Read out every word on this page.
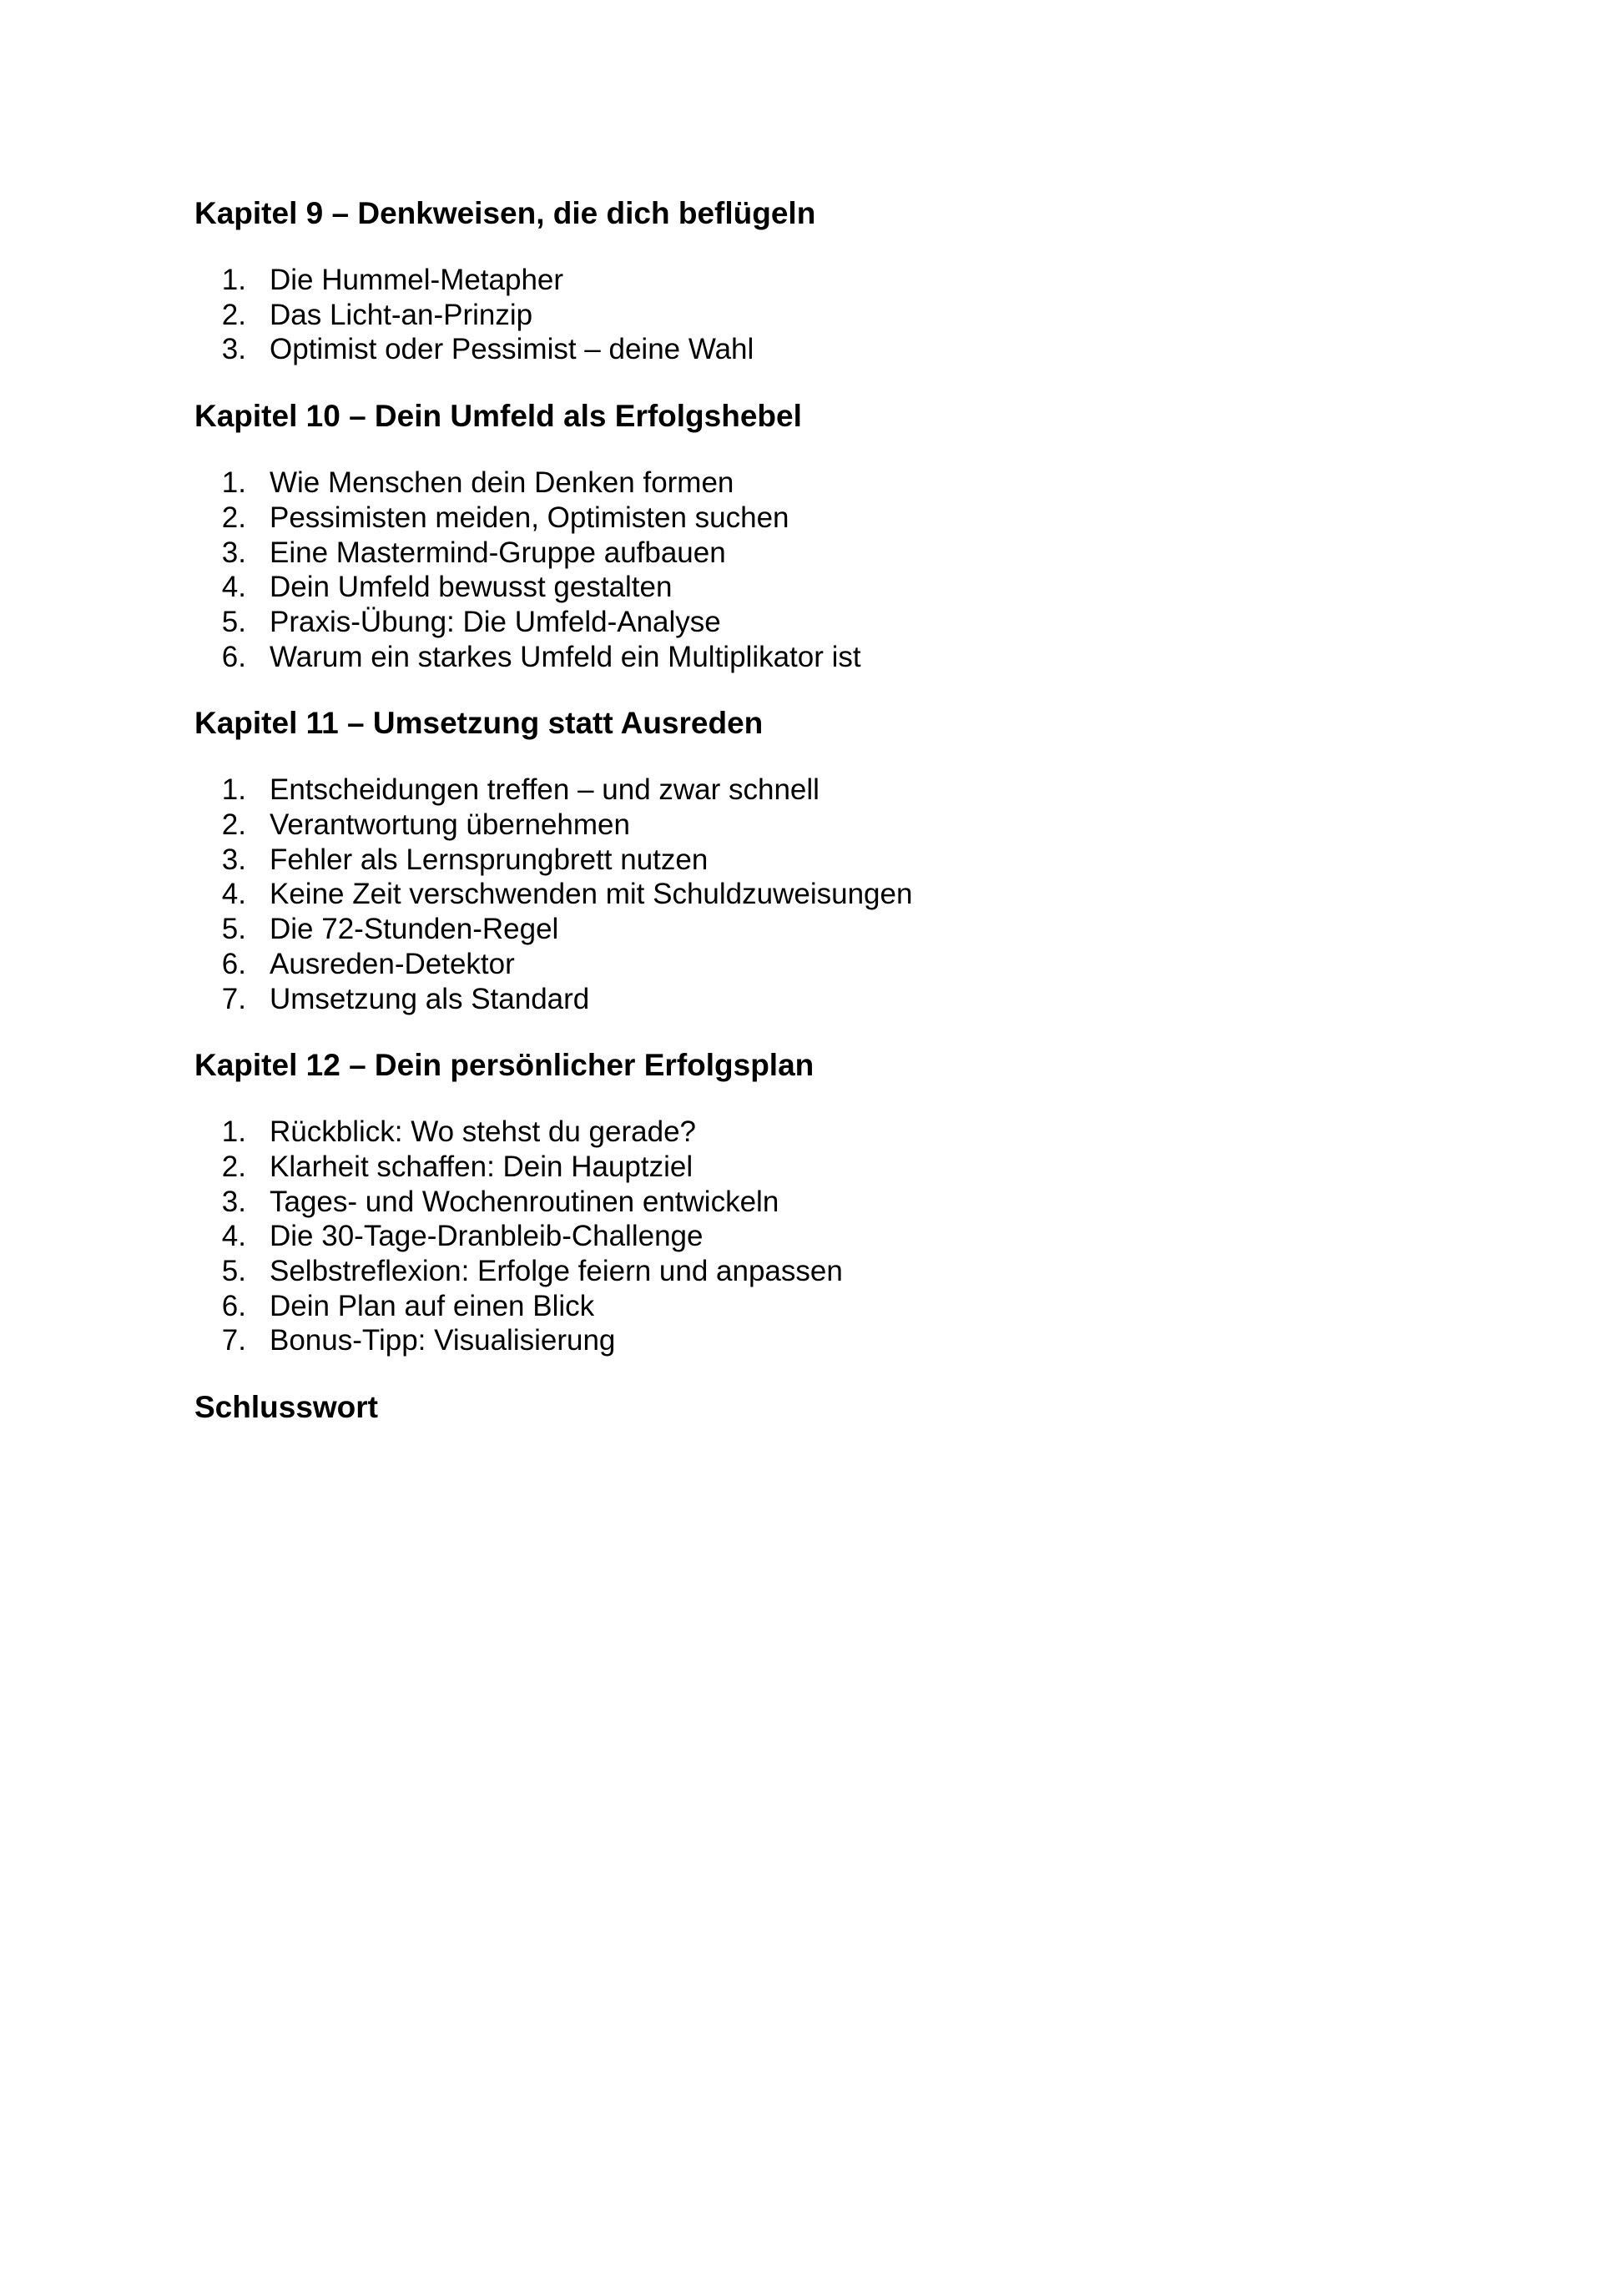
Kapitel 9 – Denkweisen, die dich beflügeln
1. Die Hummel-Metapher
2. Das Licht-an-Prinzip
3. Optimist oder Pessimist – deine Wahl
Kapitel 10 – Dein Umfeld als Erfolgshebel
1. Wie Menschen dein Denken formen
2. Pessimisten meiden, Optimisten suchen
3. Eine Mastermind-Gruppe aufbauen
4. Dein Umfeld bewusst gestalten
5. Praxis-Übung: Die Umfeld-Analyse
6. Warum ein starkes Umfeld ein Multiplikator ist
Kapitel 11 – Umsetzung statt Ausreden
1. Entscheidungen treffen – und zwar schnell
2. Verantwortung übernehmen
3. Fehler als Lernsprungbrett nutzen
4. Keine Zeit verschwenden mit Schuldzuweisungen
5. Die 72-Stunden-Regel
6. Ausreden-Detektor
7. Umsetzung als Standard
Kapitel 12 – Dein persönlicher Erfolgsplan
1. Rückblick: Wo stehst du gerade?
2. Klarheit schaffen: Dein Hauptziel
3. Tages- und Wochenroutinen entwickeln
4. Die 30-Tage-Dranbleib-Challenge
5. Selbstreflexion: Erfolge feiern und anpassen
6. Dein Plan auf einen Blick
7. Bonus-Tipp: Visualisierung
Schlusswort
